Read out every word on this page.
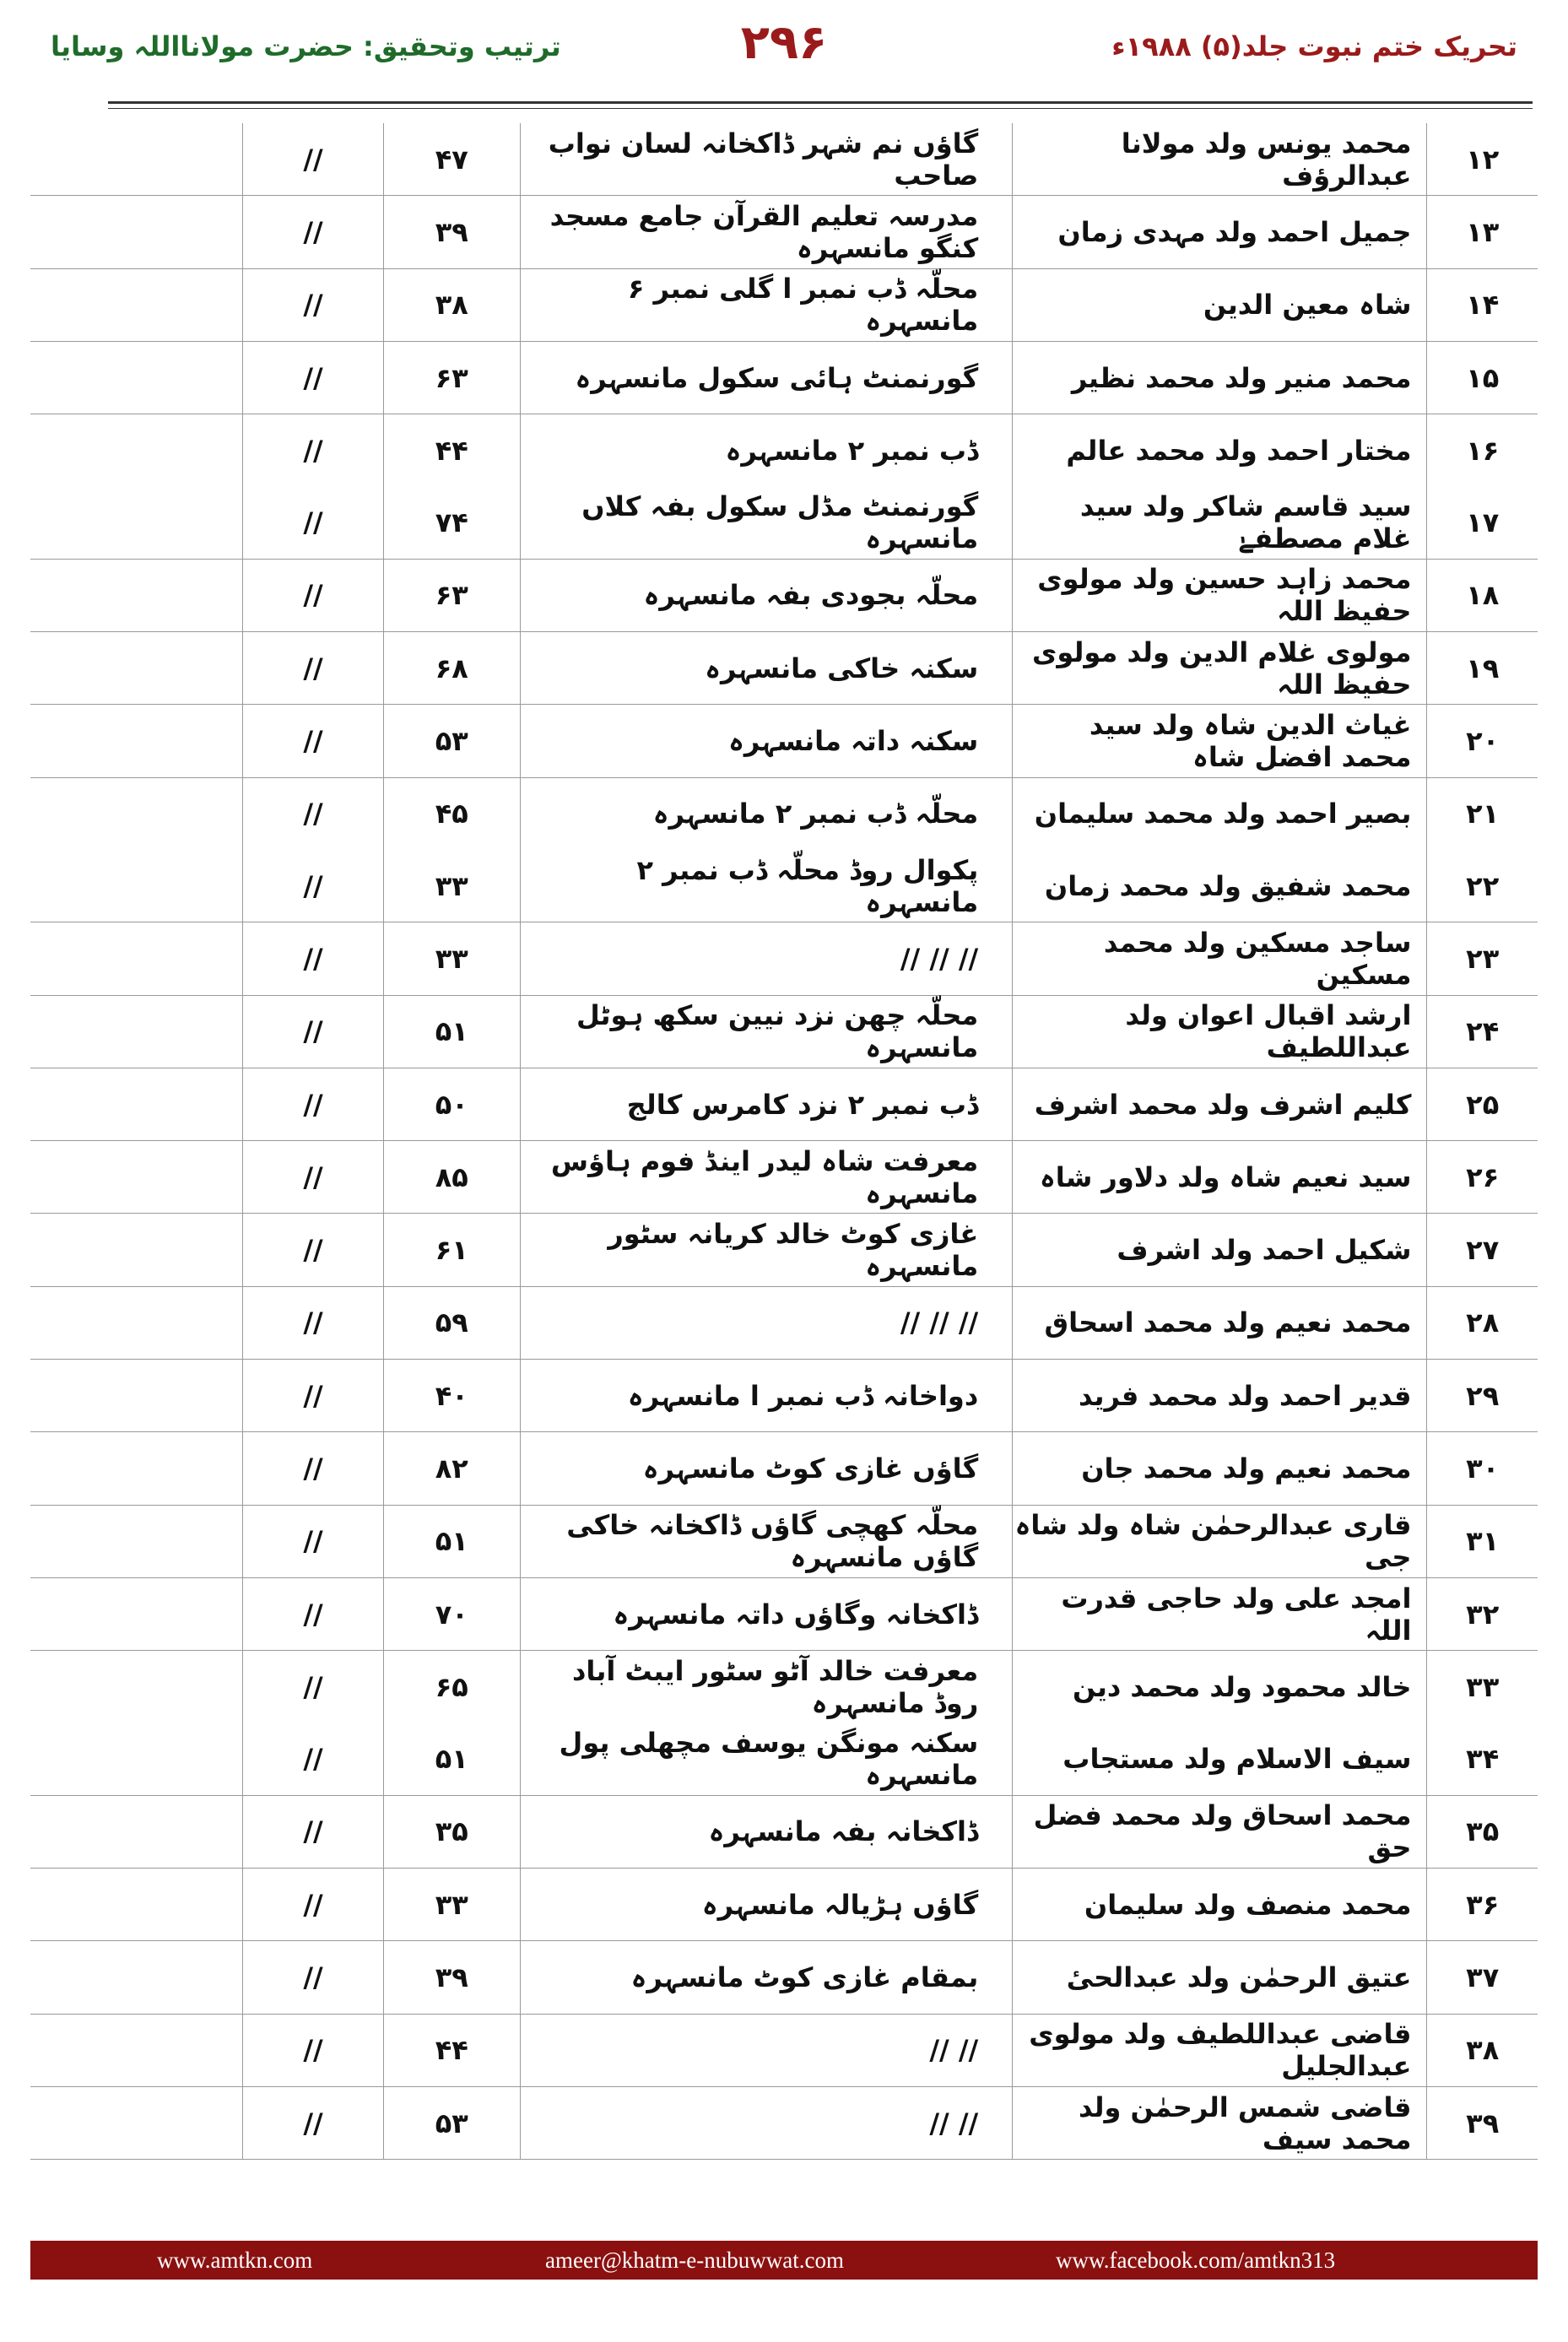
تحریک ختم نبوت جلد(۵) ۱۹۸۸ء
۲۹۶
ترتیب وتحقیق: حضرت مولانااللہ وسایا
۱۲	محمد یونس ولد مولانا عبدالرؤف	گاؤں نم شہر ڈاکخانہ لسان نواب صاحب	۴۷	//	
۱۳	جمیل احمد ولد مہدی زمان	مدرسہ تعلیم القرآن جامع مسجد کنگو مانسہرہ	۳۹	//	
۱۴	شاہ معین الدین	محلّہ ڈب نمبر ا گلی نمبر ۶ مانسہرہ	۳۸	//	
۱۵	محمد منیر ولد محمد نظیر	گورنمنٹ ہائی سکول مانسہرہ	۶۳	//	
۱۶	مختار احمد ولد محمد عالم	ڈب نمبر ۲ مانسہرہ	۴۴	//	
۱۷	سید قاسم شاکر ولد سید غلام مصطفےٰ	گورنمنٹ مڈل سکول بفہ کلاں مانسہرہ	۷۴	//	
۱۸	محمد زاہد حسین ولد مولوی حفیظ اللہ	محلّہ بجودی بفہ مانسہرہ	۶۳	//	
۱۹	مولوی غلام الدین ولد مولوی حفیظ اللہ	سکنہ خاکی مانسہرہ	۶۸	//	
۲۰	غیاث الدین شاہ ولد سید محمد افضل شاہ	سکنہ داتہ مانسہرہ	۵۳	//	
۲۱	بصیر احمد ولد محمد سلیمان	محلّہ ڈب نمبر ۲ مانسہرہ	۴۵	//	
۲۲	محمد شفیق ولد محمد زمان	پکوال روڈ محلّہ ڈب نمبر ۲ مانسہرہ	۳۳	//	
۲۳	ساجد مسکین ولد محمد مسکین	// // //	۳۳	//	
۲۴	ارشد اقبال اعوان ولد عبداللطیف	محلّہ چھن نزد نیین سکھ ہوٹل مانسہرہ	۵۱	//	
۲۵	کلیم اشرف ولد محمد اشرف	ڈب نمبر ۲ نزد کامرس کالج	۵۰	//	
۲۶	سید نعیم شاہ ولد دلاور شاہ	معرفت شاہ لیدر اینڈ فوم ہاؤس مانسہرہ	۸۵	//	
۲۷	شکیل احمد ولد اشرف	غازی کوٹ خالد کریانہ سٹور مانسہرہ	۶۱	//	
۲۸	محمد نعیم ولد محمد اسحاق	// // //	۵۹	//	
۲۹	قدیر احمد ولد محمد فرید	دواخانہ ڈب نمبر ا مانسہرہ	۴۰	//	
۳۰	محمد نعیم ولد محمد جان	گاؤں غازی کوٹ مانسہرہ	۸۲	//	
۳۱	قاری عبدالرحمٰن شاہ ولد شاہ جی	محلّہ کھچی گاؤں ڈاکخانہ خاکی گاؤں مانسہرہ	۵۱	//	
۳۲	امجد علی ولد حاجی قدرت اللہ	ڈاکخانہ وگاؤں داتہ مانسہرہ	۷۰	//	
۳۳	خالد محمود ولد محمد دین	معرفت خالد آٹو سٹور ایبٹ آباد روڈ مانسہرہ	۶۵	//	
۳۴	سیف الاسلام ولد مستجاب	سکنہ مونگن یوسف مچھلی پول مانسہرہ	۵۱	//	
۳۵	محمد اسحاق ولد محمد فضل حق	ڈاکخانہ بفہ مانسہرہ	۳۵	//	
۳۶	محمد منصف ولد سلیمان	گاؤں ہڑیالہ مانسہرہ	۳۳	//	
۳۷	عتیق الرحمٰن ولد عبدالحیٔ	بمقام غازی کوٹ مانسہرہ	۳۹	//	
۳۸	قاضی عبداللطیف ولد مولوی عبدالجلیل	// //	۴۴	//	
۳۹	قاضی شمس الرحمٰن ولد محمد سیف	// //	۵۳	//	
www.amtkn.com	ameer@khatm-e-nubuwwat.com	www.facebook.com/amtkn313
